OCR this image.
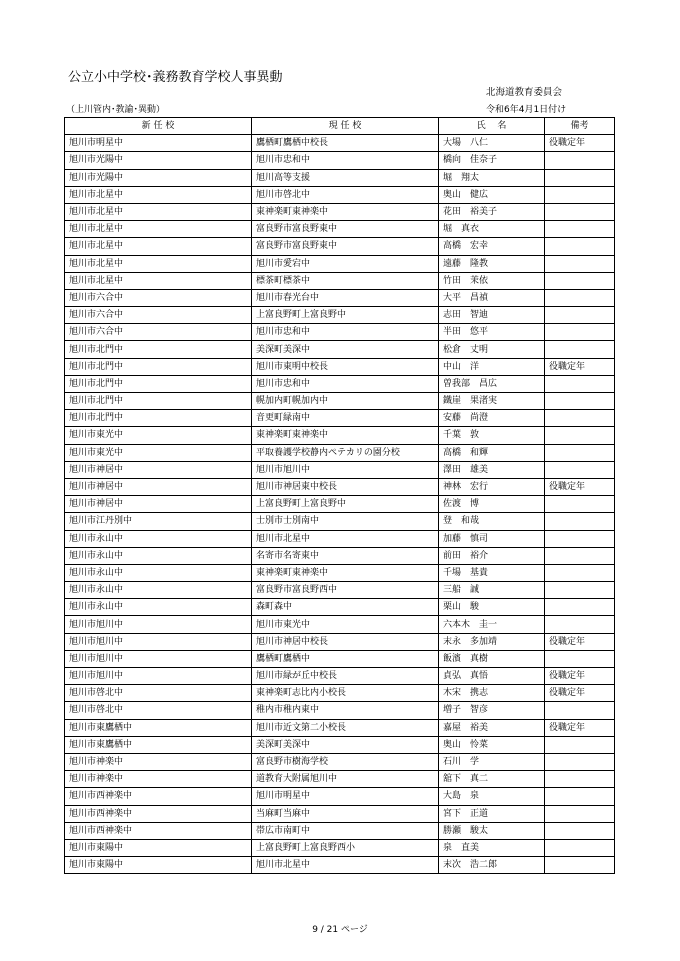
公立小中学校･義務教育学校人事異動
北海道教育委員会
（上川管内･教諭･異動）	令和6年4月1日付け
新 任 校	現 任 校	氏　 名	備考
旭川市明星中	鷹栖町鷹栖中校長	大場　八仁	役職定年
旭川市光陽中	旭川市忠和中	橋向　佳奈子	
旭川市光陽中	旭川高等支援	堀　翔太	
旭川市北星中	旭川市啓北中	奥山　健広	
旭川市北星中	東神楽町東神楽中	花田　裕美子	
旭川市北星中	富良野市富良野東中	堀　真衣	
旭川市北星中	富良野市富良野東中	高橋　宏幸	
旭川市北星中	旭川市愛宕中	遠藤　隆教	
旭川市北星中	標茶町標茶中	竹田　茉依	
旭川市六合中	旭川市春光台中	大平　昌禎	
旭川市六合中	上富良野町上富良野中	志田　智迪	
旭川市六合中	旭川市忠和中	半田　悠平	
旭川市北門中	美深町美深中	松倉　丈明	
旭川市北門中	旭川市東明中校長	中山　洋	役職定年
旭川市北門中	旭川市忠和中	曽我部　昌広	
旭川市北門中	幌加内町幌加内中	鐵崖　果渚実	
旭川市北門中	音更町緑南中	安藤　尚澄	
旭川市東光中	東神楽町東神楽中	千葉　敦	
旭川市東光中	平取養護学校静内ペテカリの園分校	高橋　和輝	
旭川市神居中	旭川市旭川中	澤田　雄美	
旭川市神居中	旭川市神居東中校長	神林　宏行	役職定年
旭川市神居中	上富良野町上富良野中	佐渡　博	
旭川市江丹別中	士別市士別南中	登　和哉	
旭川市永山中	旭川市北星中	加藤　慎司	
旭川市永山中	名寄市名寄東中	前田　裕介	
旭川市永山中	東神楽町東神楽中	千場　基貴	
旭川市永山中	富良野市富良野西中	三船　誠	
旭川市永山中	森町森中	栗山　駿	
旭川市旭川中	旭川市東光中	六本木　圭一	
旭川市旭川中	旭川市神居中校長	末永　多加靖	役職定年
旭川市旭川中	鷹栖町鷹栖中	飯濱　真樹	
旭川市旭川中	旭川市緑が丘中校長	貞弘　真悟	役職定年
旭川市啓北中	東神楽町志比内小校長	木宋　携志	役職定年
旭川市啓北中	稚内市稚内東中	増子　智彦	
旭川市東鷹栖中	旭川市近文第二小校長	嘉屋　裕美	役職定年
旭川市東鷹栖中	美深町美深中	奥山　怜菜	
旭川市神楽中	富良野市樹海学校	石川　学	
旭川市神楽中	道教育大附属旭川中	舘下　真二	
旭川市西神楽中	旭川市明星中	大島　泉	
旭川市西神楽中	当麻町当麻中	宮下　正道	
旭川市西神楽中	帯広市南町中	勝瀬　駿太	
旭川市東陽中	上富良野町上富良野西小	泉　直美	
旭川市東陽中	旭川市北星中	末次　浩二郎	
9 / 21 ページ
